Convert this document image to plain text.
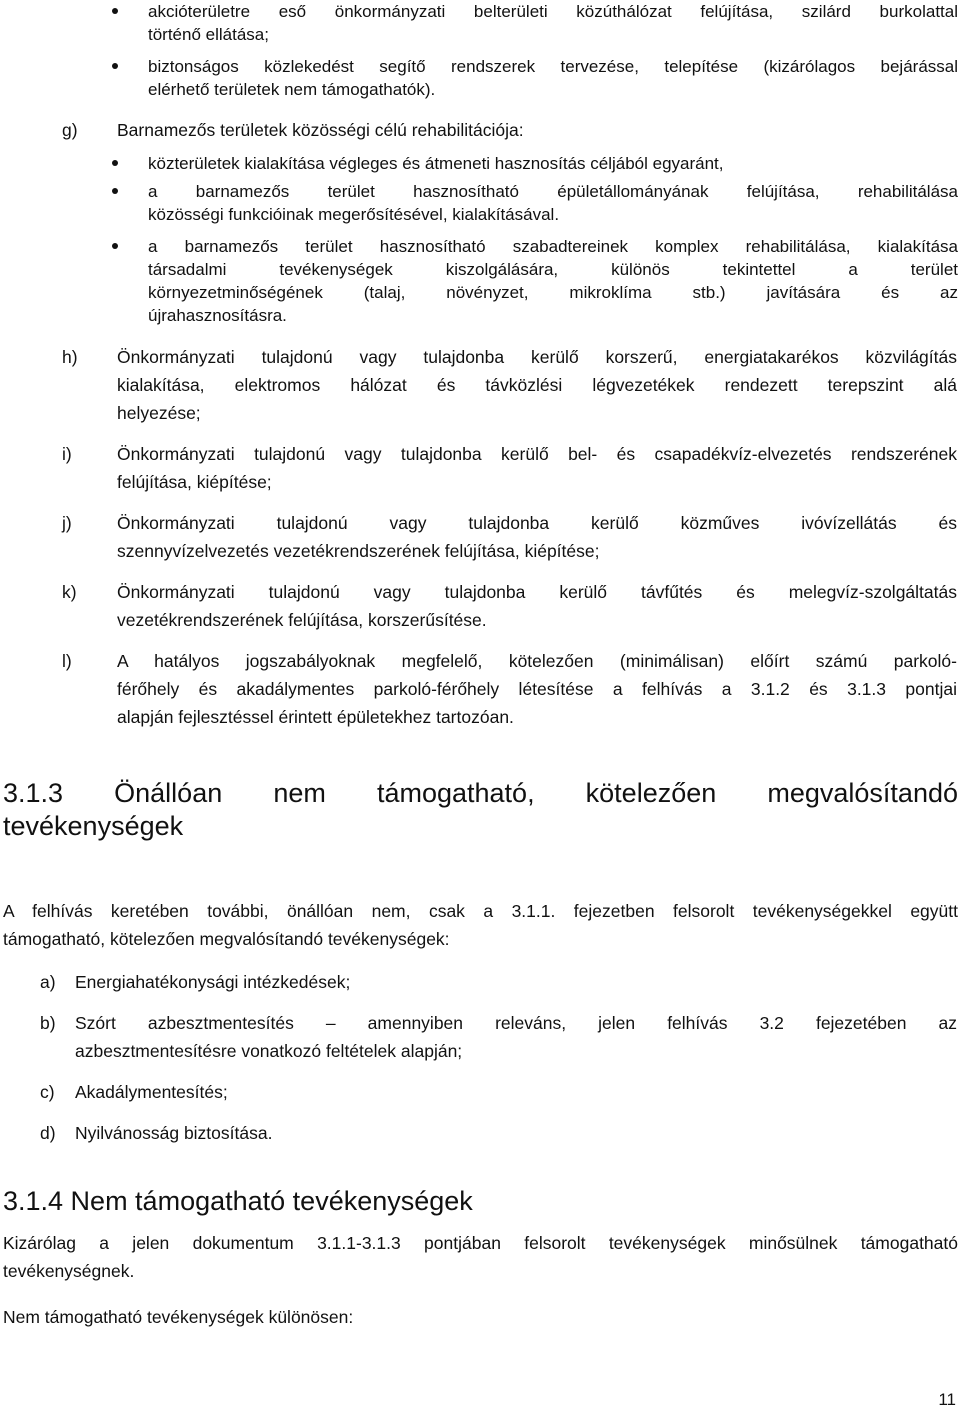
akcióterületre eső önkormányzati belterületi közúthálózat felújítása, szilárd burkolattal
történő ellátása;
biztonságos közlekedést segítő rendszerek tervezése, telepítése (kizárólagos bejárással
elérhető területek nem támogathatók).
g) Barnamezős területek közösségi célú rehabilitációja:
közterületek kialakítása végleges és átmeneti hasznosítás céljából egyaránt,
a barnamezős terület hasznosítható épületállományának felújítása, rehabilitálása
közösségi funkcióinak megerősítésével, kialakításával.
a barnamezős terület hasznosítható szabadtereinek komplex rehabilitálása, kialakítása
társadalmi tevékenységek kiszolgálására, különös tekintettel a terület
környezetminőségének (talaj, növényzet, mikroklíma stb.) javítására és az
újrahasznosításra.
h) Önkormányzati tulajdonú vagy tulajdonba kerülő korszerű, energiatakarékos közvilágítás
kialakítása, elektromos hálózat és távközlési légvezetékek rendezett terepszint alá
helyezése;
i)	Önkormányzati tulajdonú vagy tulajdonba kerülő bel- és csapadékvíz-elvezetés rendszerének
felújítása, kiépítése;
j)	Önkormányzati tulajdonú vagy tulajdonba kerülő közműves ivóvízellátás és
szennyvízelvezetés vezetékrendszerének felújítása, kiépítése;
k) Önkormányzati tulajdonú vagy tulajdonba kerülő távfűtés és melegvíz-szolgáltatás
vezetékrendszerének felújítása, korszerűsítése.
l)	A hatályos jogszabályoknak megfelelő, kötelezően (minimálisan) előírt számú parkoló-
férőhely és akadálymentes parkoló-férőhely létesítése a felhívás a 3.1.2 és 3.1.3 pontjai
alapján fejlesztéssel érintett épületekhez tartozóan.
3.1.3 Önállóan nem támogatható, kötelezően megvalósítandó
tevékenységek
A felhívás keretében további, önállóan nem, csak a 3.1.1. fejezetben felsorolt tevékenységekkel együtt
támogatható, kötelezően megvalósítandó tevékenységek:
a) Energiahatékonysági intézkedések;
b) Szórt azbesztmentesítés – amennyiben releváns, jelen felhívás 3.2 fejezetében az
azbesztmentesítésre vonatkozó feltételek alapján;
c) Akadálymentesítés;
d) Nyilvánosság biztosítása.
3.1.4 Nem támogatható tevékenységek
Kizárólag a jelen dokumentum 3.1.1-3.1.3 pontjában felsorolt tevékenységek minősülnek támogatható
tevékenységnek.
Nem támogatható tevékenységek különösen:
11
